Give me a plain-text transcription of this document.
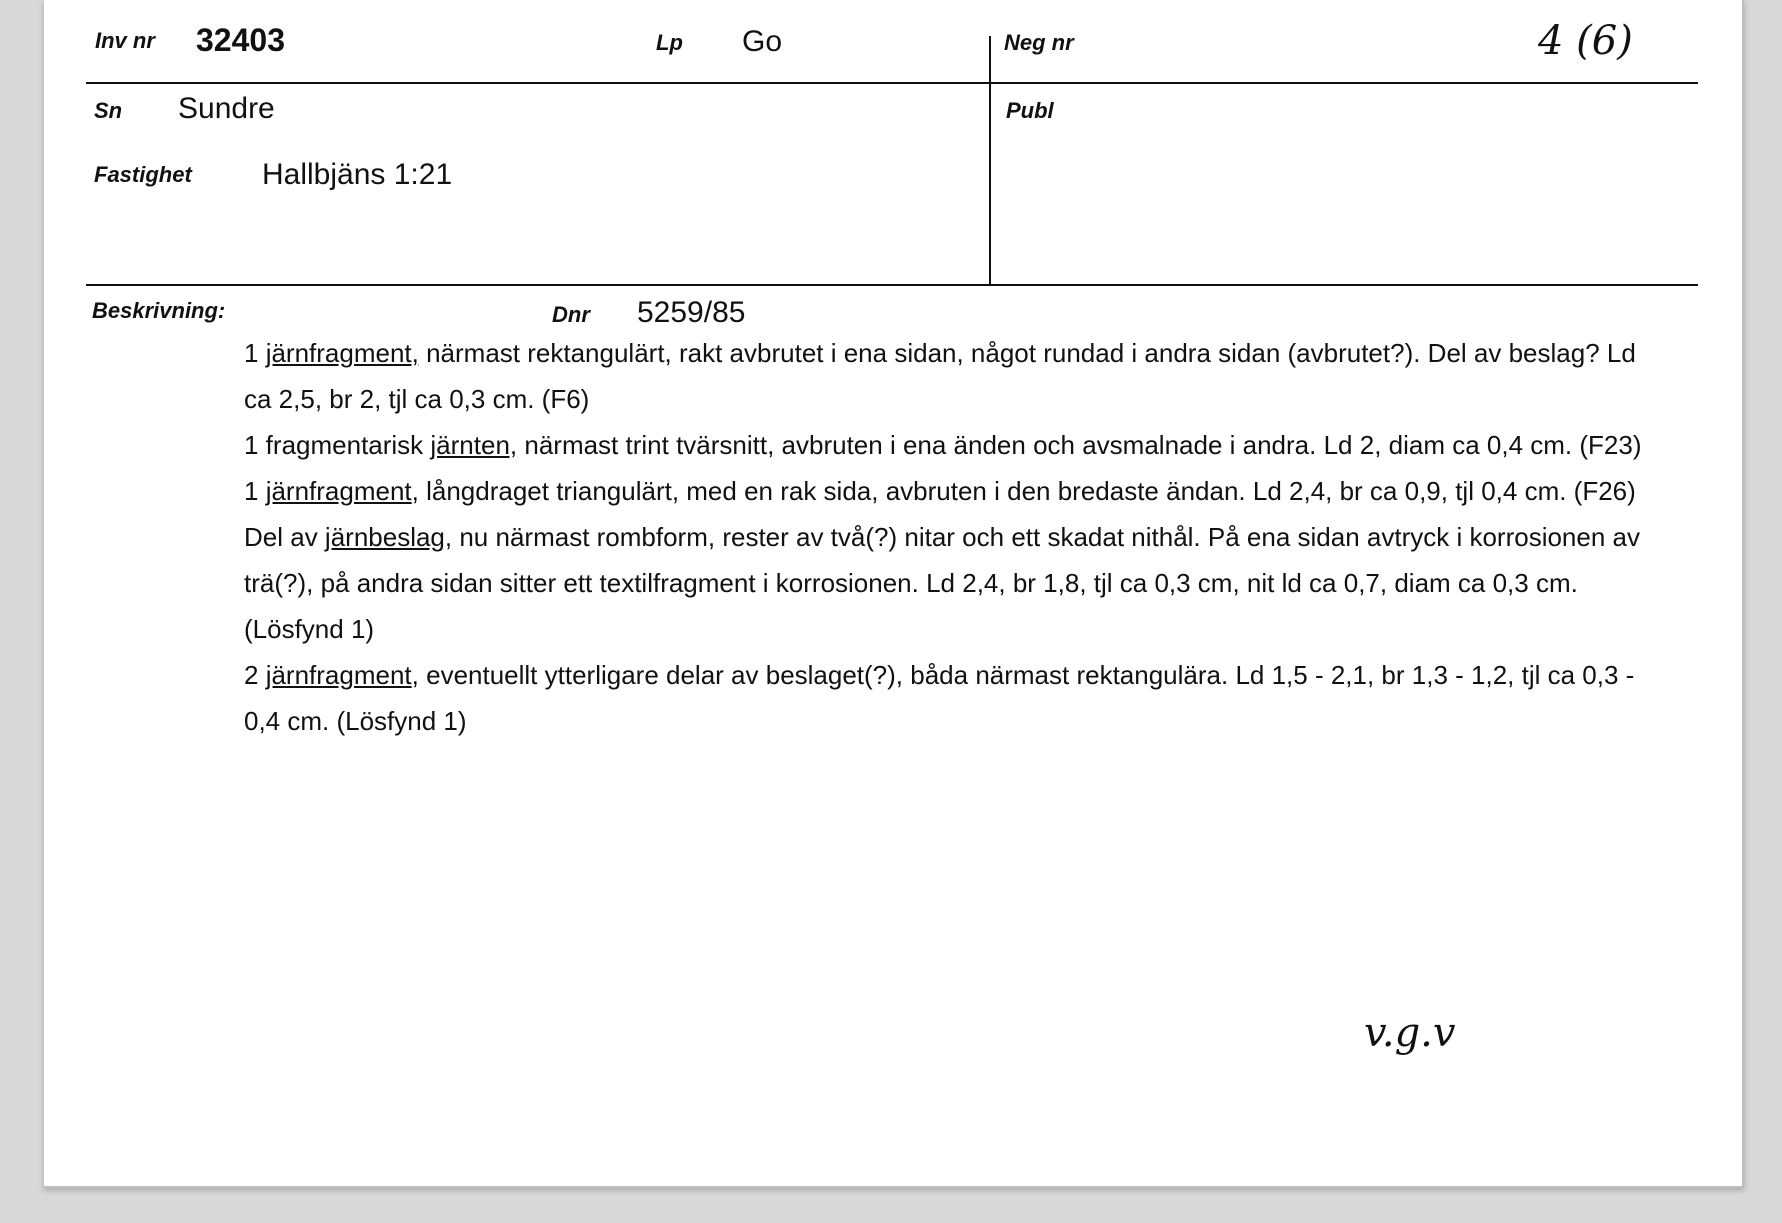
Inv nr 32403	Lp Go	Neg nr	4 (6)
Sn Sundre	Publ
Fastighet Hallbjäns 1:21
Beskrivning:	Dnr 5259/85

1 järnfragment, närmast rektangulärt, rakt avbrutet i ena sidan, något rundad i andra sidan (avbrutet?). Del av beslag? Ld ca 2,5, br 2, tjl ca 0,3 cm. (F6)

1 fragmentarisk järnten, närmast trint tvärsnitt, avbruten i ena änden och avsmalnade i andra. Ld 2, diam ca 0,4 cm. (F23)

1 järnfragment, långdraget triangulärt, med en rak sida, avbruten i den bredaste ändan. Ld 2,4, br ca 0,9, tjl 0,4 cm. (F26)

Del av järnbeslag, nu närmast rombform, rester av två(?) nitar och ett skadat nithål. På ena sidan avtryck i korrosionen av trä(?), på andra sidan sitter ett textilfragment i korrosionen. Ld 2,4, br 1,8, tjl ca 0,3 cm, nit ld ca 0,7, diam ca 0,3 cm. (Lösfynd 1)

2 järnfragment, eventuellt ytterligare delar av beslaget(?), båda närmast rektangulära. Ld 1,5 - 2,1, br 1,3 - 1,2, tjl ca 0,3 - 0,4 cm. (Lösfynd 1)

v.g.v
